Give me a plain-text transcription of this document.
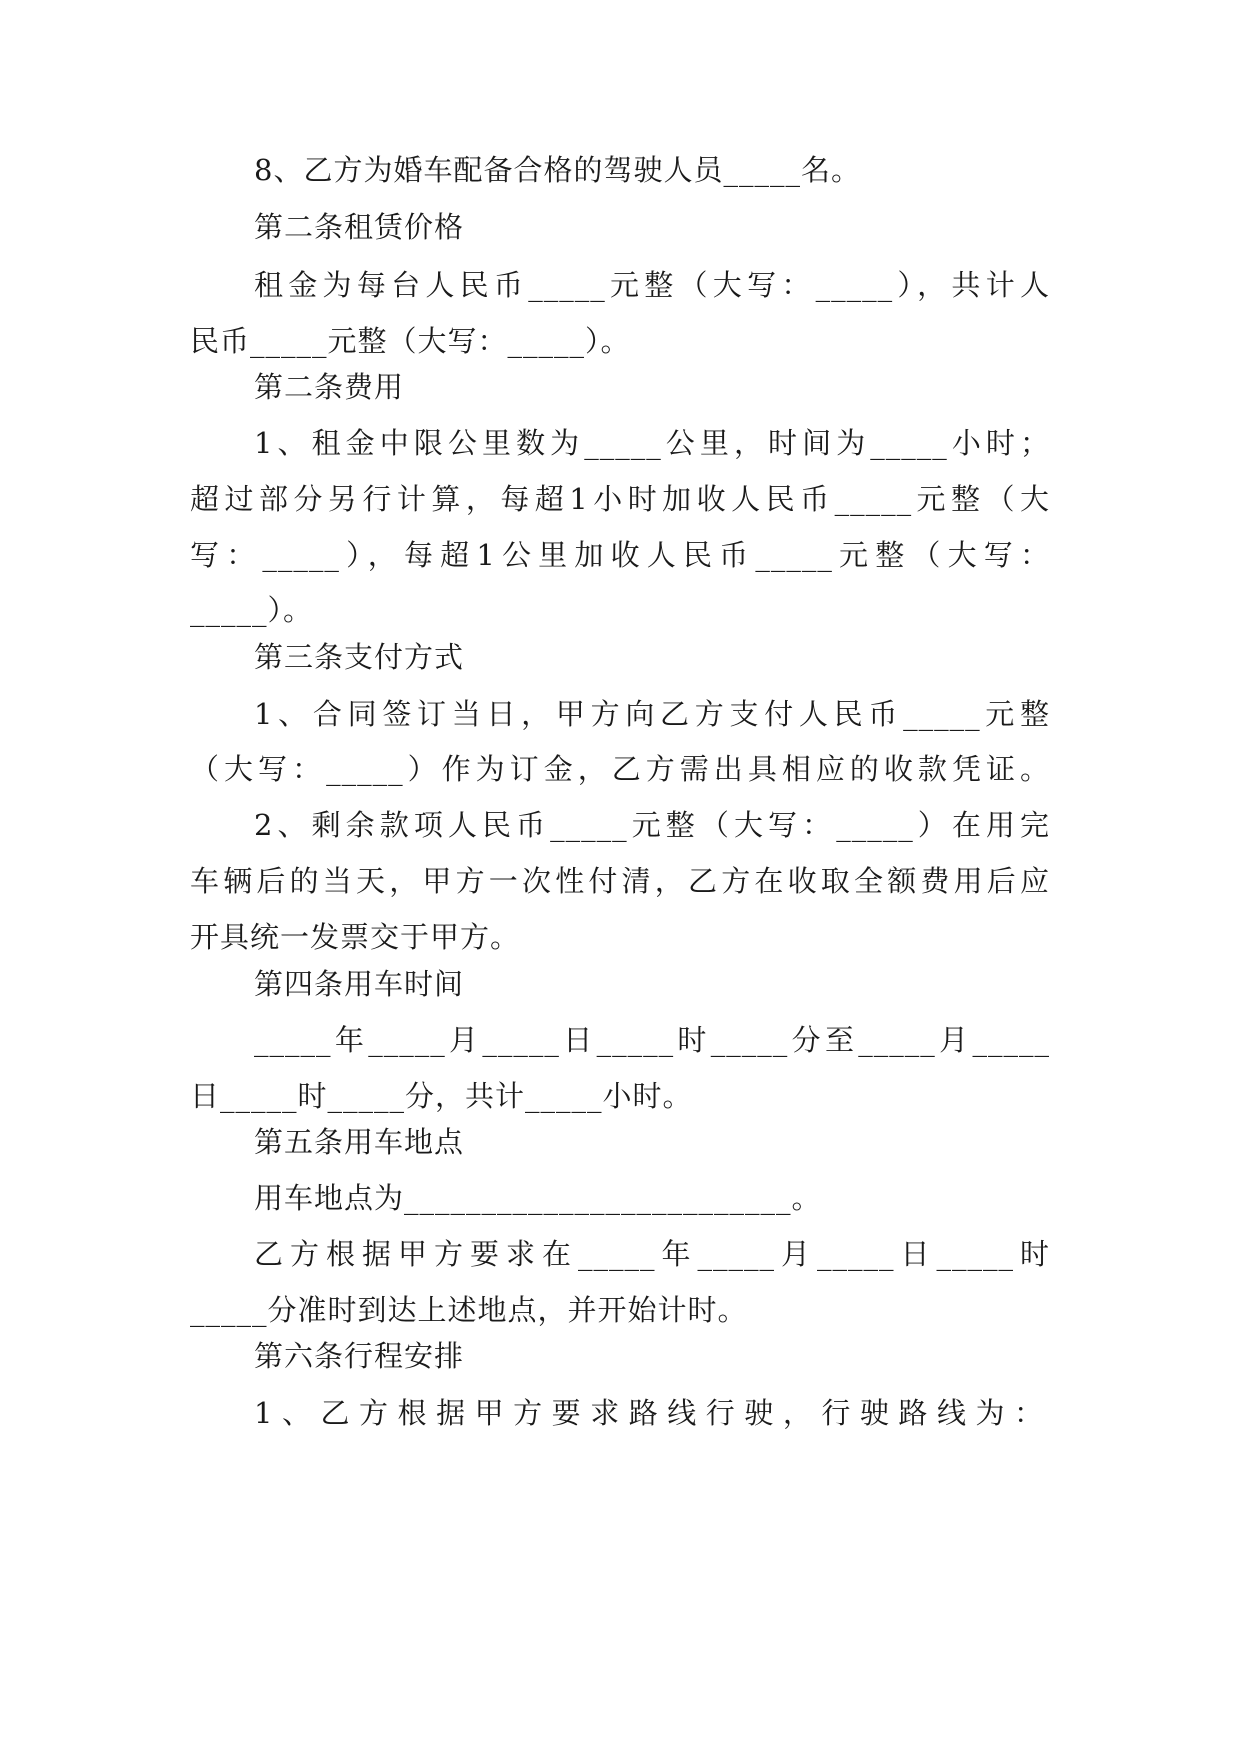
8、乙方为婚车配备合格的驾驶人员_____名。
第二条租赁价格
租金为每台人民币_____元整（大写：_____），共计人
民币_____元整（大写：_____）。
第二条费用
1、租金中限公里数为_____公里，时间为_____小时；
超过部分另行计算，每超1小时加收人民币_____元整（大
写：_____），每超1公里加收人民币_____元整（大写：
_____）。
第三条支付方式
1、合同签订当日，甲方向乙方支付人民币_____元整
（大写：_____）作为订金，乙方需出具相应的收款凭证。
2、剩余款项人民币_____元整（大写：_____）在用完
车辆后的当天，甲方一次性付清，乙方在收取全额费用后应
开具统一发票交于甲方。
第四条用车时间
_____年_____月_____日_____时_____分至_____月_____
日_____时_____分，共计_____小时。
第五条用车地点
用车地点为_________________________。
乙方根据甲方要求在_____年_____月_____日_____时
_____分准时到达上述地点，并开始计时。
第六条行程安排
1、乙方根据甲方要求路线行驶，行驶路线为：
